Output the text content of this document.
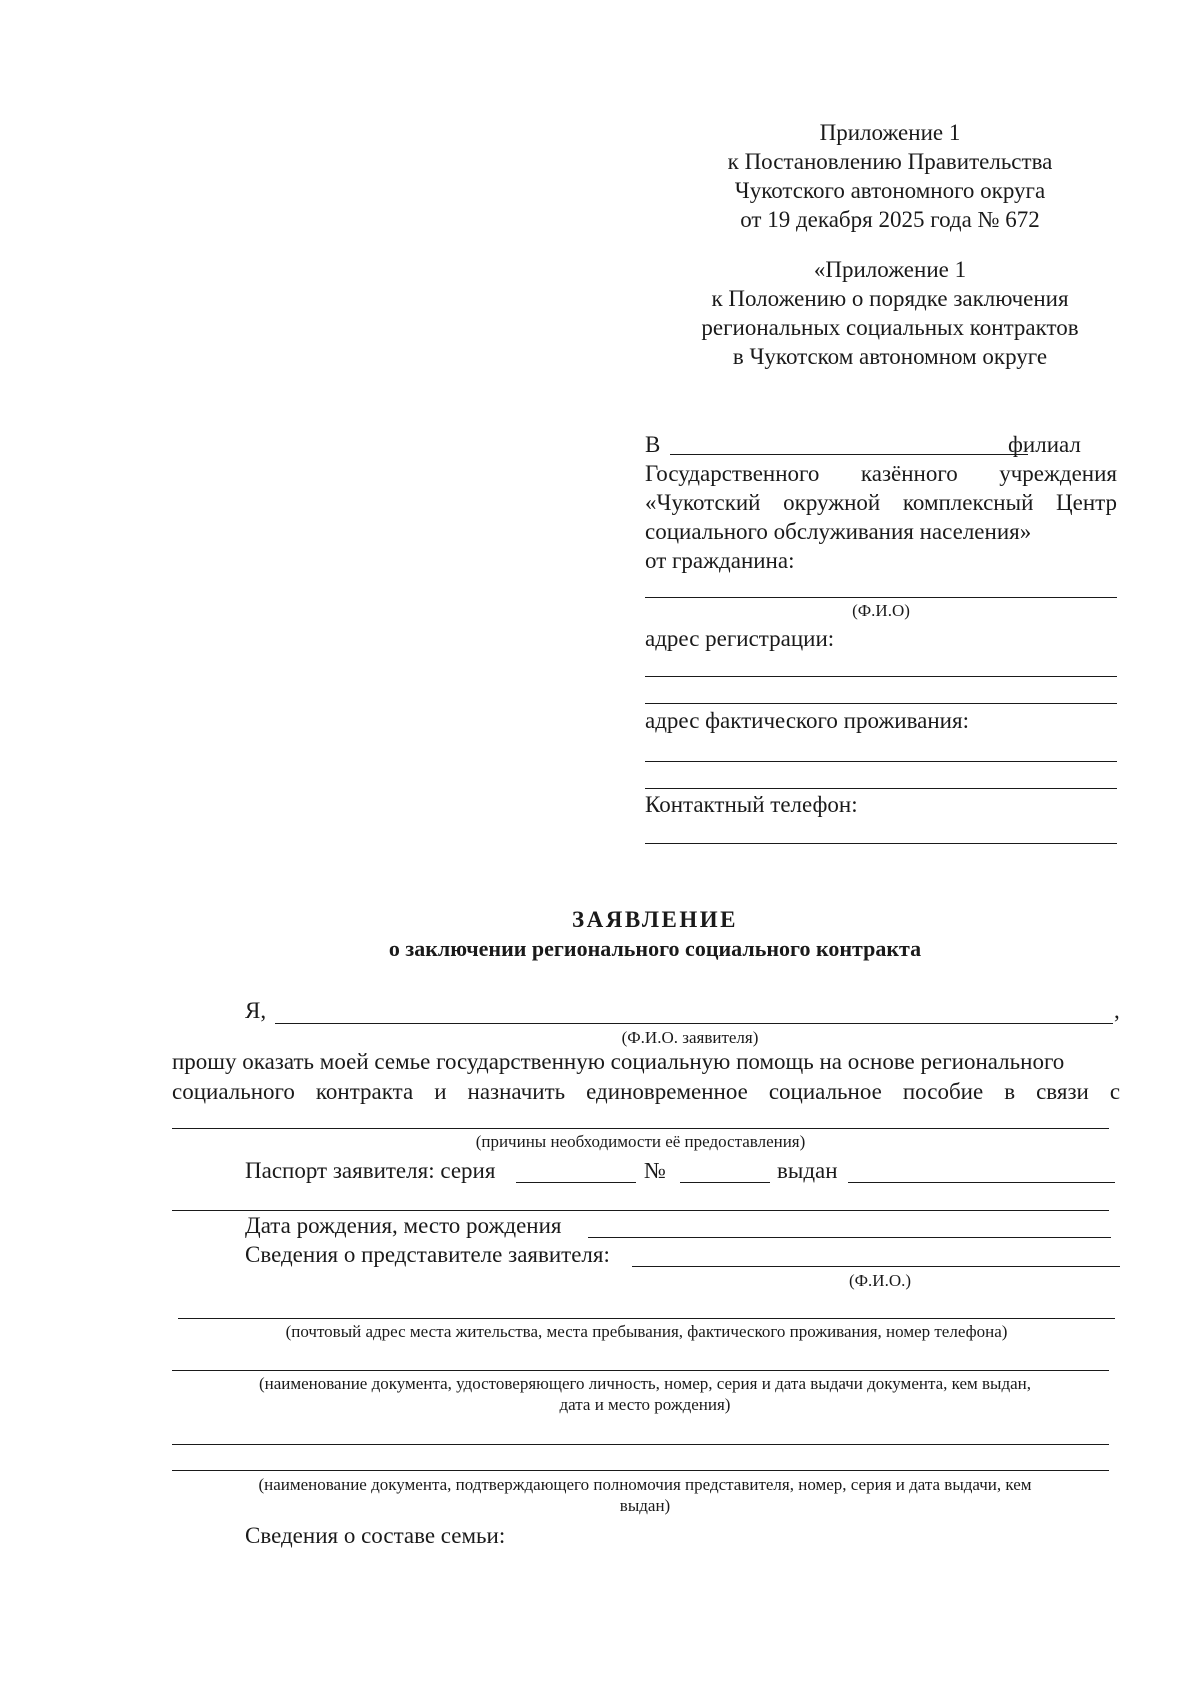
Приложение 1
к Постановлению Правительства
Чукотского автономного округа
от 19 декабря 2025 года № 672
«Приложение 1
к Положению о порядке заключения
региональных социальных контрактов
в Чукотском автономном округе
В	филиал
Государственного казённого учреждения
«Чукотский окружной комплексный Центр
социального обслуживания населения»
от гражданина:
(Ф.И.О)
адрес регистрации:
адрес фактического проживания:
Контактный телефон:
ЗАЯВЛЕНИЕ
о заключении регионального социального контракта
Я,	,
(Ф.И.О. заявителя)
прошу оказать моей семье государственную социальную помощь на основе регионального
социального контракта и назначить единовременное социальное пособие в связи с
(причины необходимости её предоставления)
Паспорт заявителя: серия	№	выдан
Дата рождения, место рождения
Сведения о представителе заявителя:
(Ф.И.О.)
(почтовый адрес места жительства, места пребывания, фактического проживания, номер телефона)
(наименование документа, удостоверяющего личность, номер, серия и дата выдачи документа, кем выдан,
дата и место рождения)
(наименование документа, подтверждающего полномочия представителя, номер, серия и дата выдачи, кем
выдан)
Сведения о составе семьи:
